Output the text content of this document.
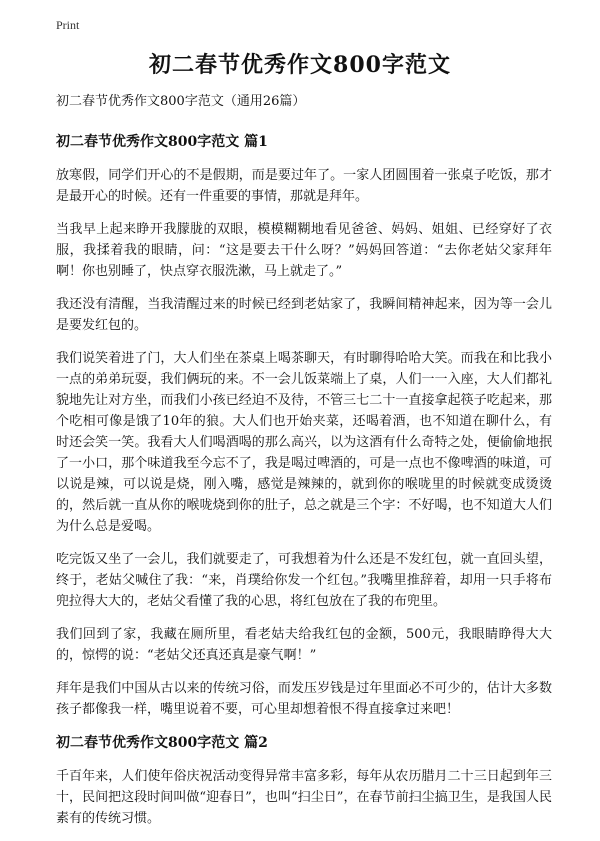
Print
初二春节优秀作文800字范文
初二春节优秀作文800字范文（通用26篇）
初二春节优秀作文800字范文 篇1

放寒假，同学们开心的不是假期，而是要过年了。一家人团圆围着一张桌子吃饭，那才是最开心的时候。还有一件重要的事情，那就是拜年。

当我早上起来睁开我朦胧的双眼，模模糊糊地看见爸爸、妈妈、姐姐、已经穿好了衣服，我揉着我的眼睛，问：“这是要去干什么呀？”妈妈回答道：“去你老姑父家拜年啊！你也别睡了，快点穿衣服洗漱，马上就走了。”

我还没有清醒，当我清醒过来的时候已经到老姑家了，我瞬间精神起来，因为等一会儿是要发红包的。

我们说笑着进了门，大人们坐在茶桌上喝茶聊天，有时聊得哈哈大笑。而我在和比我小一点的弟弟玩耍，我们俩玩的来。不一会儿饭菜端上了桌，人们一一入座，大人们都礼貌地先让对方坐，而我们小孩已经迫不及待，不管三七二十一直接拿起筷子吃起来，那个吃相可像是饿了10年的狼。大人们也开始夹菜，还喝着酒，也不知道在聊什么，有时还会笑一笑。我看大人们喝酒喝的那么高兴，以为这酒有什么奇特之处，便偷偷地抿了一小口，那个味道我至今忘不了，我是喝过啤酒的，可是一点也不像啤酒的味道，可以说是辣，可以说是烧，刚入嘴，感觉是辣辣的，就到你的喉咙里的时候就变成烫烫的，然后就一直从你的喉咙烧到你的肚子，总之就是三个字：不好喝，也不知道大人们为什么总是爱喝。

吃完饭又坐了一会儿，我们就要走了，可我想着为什么还是不发红包，就一直回头望，终于，老姑父喊住了我：“来，肖璞给你发一个红包。”我嘴里推辞着，却用一只手将布兜拉得大大的，老姑父看懂了我的心思，将红包放在了我的布兜里。

我们回到了家，我藏在厕所里，看老姑夫给我红包的金额，500元，我眼睛睁得大大的，惊愕的说：“老姑父还真还真是豪气啊！”

拜年是我们中国从古以来的传统习俗，而发压岁钱是过年里面必不可少的，估计大多数孩子都像我一样，嘴里说着不要，可心里却想着恨不得直接拿过来吧！

初二春节优秀作文800字范文 篇2

千百年来，人们使年俗庆祝活动变得异常丰富多彩，每年从农历腊月二十三日起到年三十，民间把这段时间叫做“迎春日”，也叫“扫尘日”，在春节前扫尘搞卫生，是我国人民素有的传统习惯。
